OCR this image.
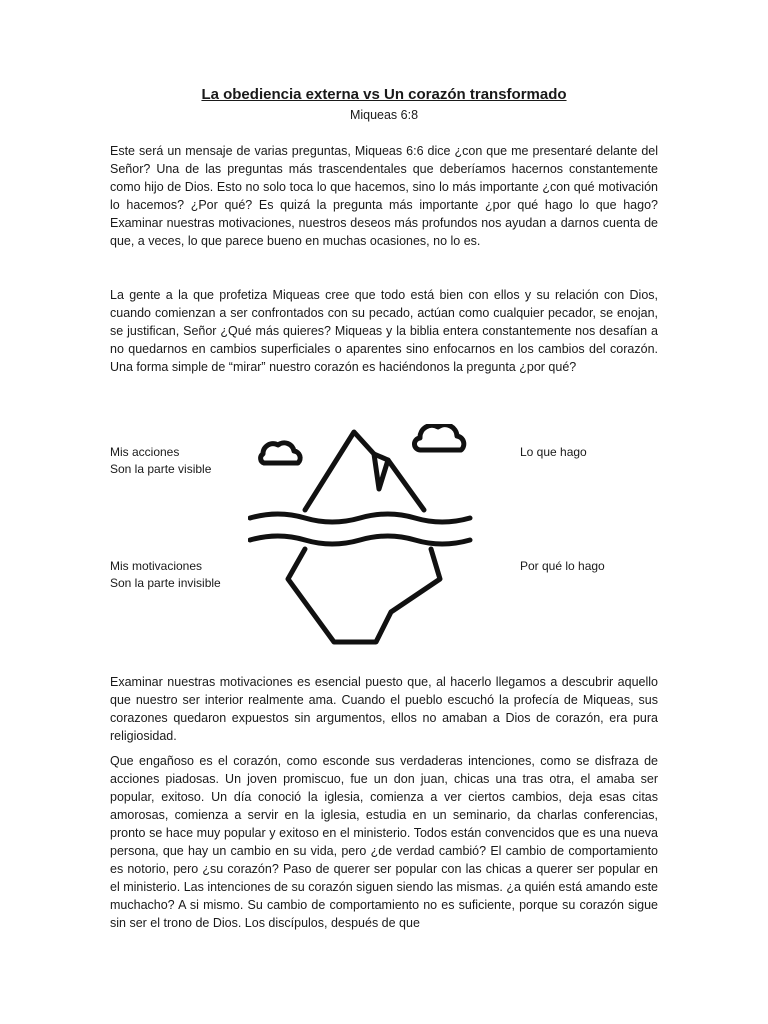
La obediencia externa vs Un corazón transformado
Miqueas 6:8

Este será un mensaje de varias preguntas, Miqueas 6:6 dice ¿con que me presentaré delante del Señor? Una de las preguntas más trascendentales que deberíamos hacernos constantemente como hijo de Dios. Esto no solo toca lo que hacemos, sino lo más importante ¿con qué motivación lo hacemos? ¿Por qué? Es quizá la pregunta más importante ¿por qué hago lo que hago? Examinar nuestras motivaciones, nuestros deseos más profundos nos ayudan a darnos cuenta de que, a veces, lo que parece bueno en muchas ocasiones, no lo es.

La gente a la que profetiza Miqueas cree que todo está bien con ellos y su relación con Dios, cuando comienzan a ser confrontados con su pecado, actúan como cualquier pecador, se enojan, se justifican, Señor ¿Qué más quieres? Miqueas y la biblia entera constantemente nos desafían a no quedarnos en cambios superficiales o aparentes sino enfocarnos en los cambios del corazón. Una forma simple de “mirar” nuestro corazón es haciéndonos la pregunta ¿por qué?

Mis acciones
Son la parte visible
Lo que hago
Mis motivaciones
Son la parte invisible
Por qué lo hago

Examinar nuestras motivaciones es esencial puesto que, al hacerlo llegamos a descubrir aquello que nuestro ser interior realmente ama. Cuando el pueblo escuchó la profecía de Miqueas, sus corazones quedaron expuestos sin argumentos, ellos no amaban a Dios de corazón, era pura religiosidad.

Que engañoso es el corazón, como esconde sus verdaderas intenciones, como se disfraza de acciones piadosas. Un joven promiscuo, fue un don juan, chicas una tras otra, el amaba ser popular, exitoso. Un día conoció la iglesia, comienza a ver ciertos cambios, deja esas citas amorosas, comienza a servir en la iglesia, estudia en un seminario, da charlas conferencias, pronto se hace muy popular y exitoso en el ministerio. Todos están convencidos que es una nueva persona, que hay un cambio en su vida, pero ¿de verdad cambió? El cambio de comportamiento es notorio, pero ¿su corazón? Paso de querer ser popular con las chicas a querer ser popular en el ministerio. Las intenciones de su corazón siguen siendo las mismas. ¿a quién está amando este muchacho? A si mismo. Su cambio de comportamiento no es suficiente, porque su corazón sigue sin ser el trono de Dios. Los discípulos, después de que
